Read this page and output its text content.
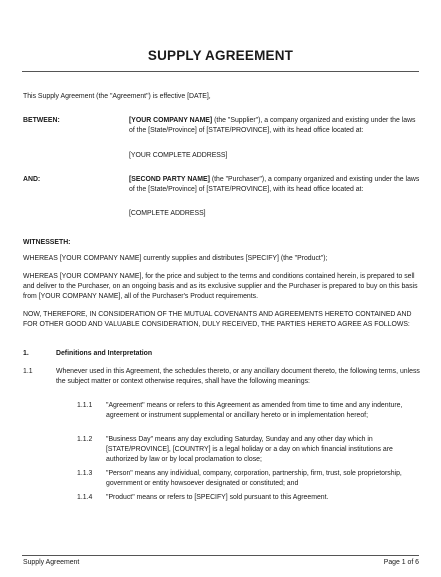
SUPPLY AGREEMENT
This Supply Agreement (the "Agreement") is effective [DATE],
BETWEEN:	[YOUR COMPANY NAME] (the "Supplier"), a company organized and existing under the laws of the [State/Province] of [STATE/PROVINCE], with its head office located at:
[YOUR COMPLETE ADDRESS]
AND:	[SECOND PARTY NAME] (the "Purchaser"), a company organized and existing under the laws of the [State/Province] of [STATE/PROVINCE], with its head office located at:
[COMPLETE ADDRESS]
WITNESSETH:
WHEREAS [YOUR COMPANY NAME] currently supplies and distributes [SPECIFY] (the "Product");
WHEREAS [YOUR COMPANY NAME], for the price and subject to the terms and conditions contained herein, is prepared to sell and deliver to the Purchaser, on an ongoing basis and as its exclusive supplier and the Purchaser is prepared to buy on this basis from [YOUR COMPANY NAME], all of the Purchaser's Product requirements.
NOW, THEREFORE, IN CONSIDERATION OF THE MUTUAL COVENANTS AND AGREEMENTS HERETO CONTAINED AND FOR OTHER GOOD AND VALUABLE CONSIDERATION, DULY RECEIVED, THE PARTIES HERETO AGREE AS FOLLOWS:
1.	Definitions and Interpretation
1.1	Whenever used in this Agreement, the schedules thereto, or any ancillary document thereto, the following terms, unless the subject matter or context otherwise requires, shall have the following meanings:
1.1.1 "Agreement" means or refers to this Agreement as amended from time to time and any indenture, agreement or instrument supplemental or ancillary hereto or in implementation hereof;
1.1.2 "Business Day" means any day excluding Saturday, Sunday and any other day which in [STATE/PROVINCE], [COUNTRY] is a legal holiday or a day on which financial institutions are authorized by law or by local proclamation to close;
1.1.3 "Person" means any individual, company, corporation, partnership, firm, trust, sole proprietorship, government or entity howsoever designated or constituted; and
1.1.4 "Product" means or refers to [SPECIFY] sold pursuant to this Agreement.
Supply Agreement	Page 1 of 6
